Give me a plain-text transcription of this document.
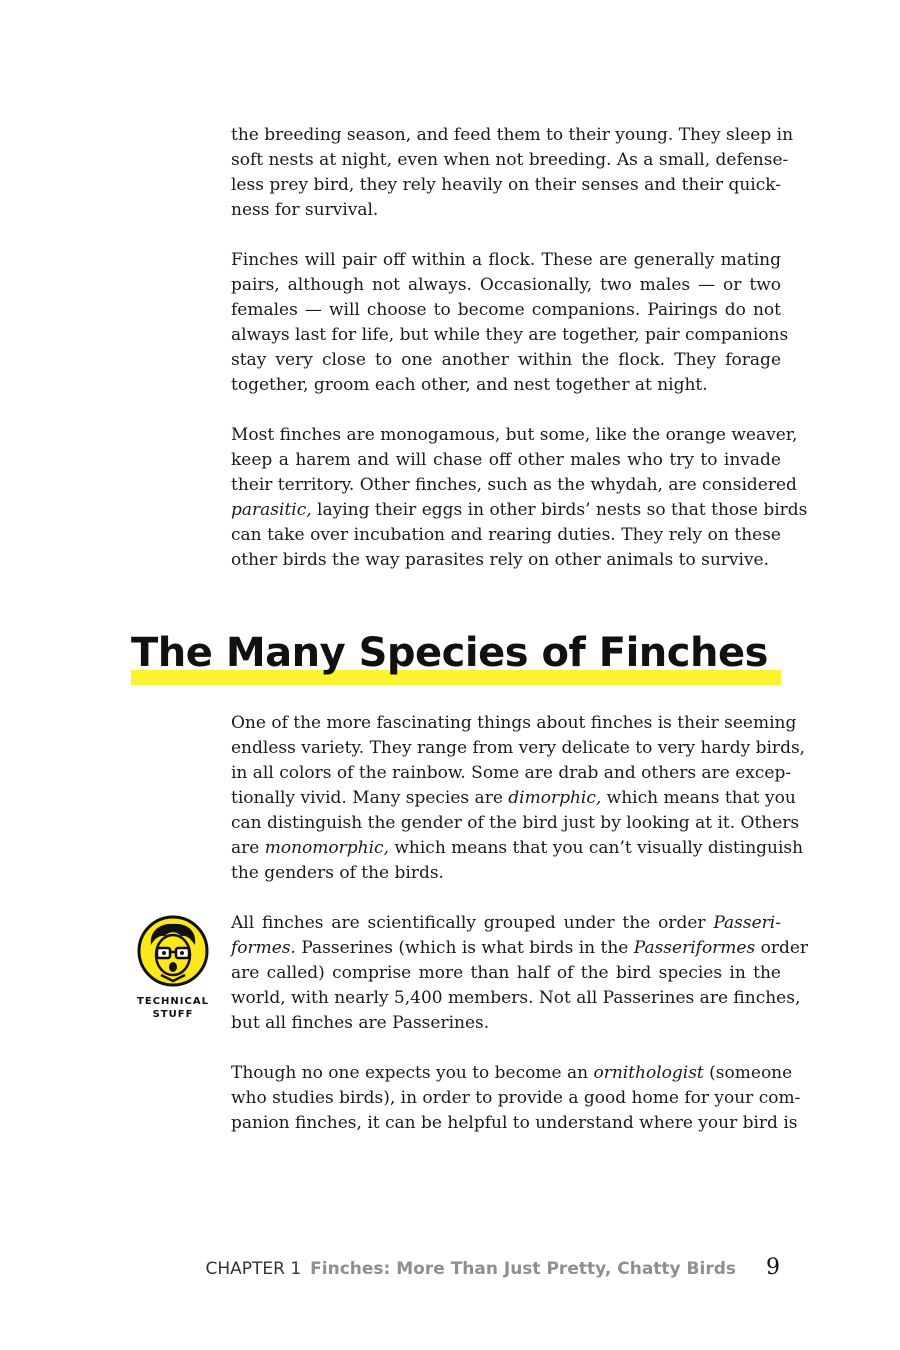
the breeding season, and feed them to their young. They sleep in
soft nests at night, even when not breeding. As a small, defense-
less prey bird, they rely heavily on their senses and their quick-
ness for survival.
Finches will pair off within a flock. These are generally mating
pairs, although not always. Occasionally, two males — or two
females — will choose to become companions. Pairings do not
always last for life, but while they are together, pair companions
stay very close to one another within the flock. They forage
together, groom each other, and nest together at night.
Most finches are monogamous, but some, like the orange weaver,
keep a harem and will chase off other males who try to invade
their territory. Other finches, such as the whydah, are considered
parasitic, laying their eggs in other birds’ nests so that those birds
can take over incubation and rearing duties. They rely on these
other birds the way parasites rely on other animals to survive.
The Many Species of Finches
One of the more fascinating things about finches is their seeming
endless variety. They range from very delicate to very hardy birds,
in all colors of the rainbow. Some are drab and others are excep-
tionally vivid. Many species are dimorphic, which means that you
can distinguish the gender of the bird just by looking at it. Others
are monomorphic, which means that you can’t visually distinguish
the genders of the birds.
TECHNICAL
STUFF
All finches are scientifically grouped under the order Passeri-
formes. Passerines (which is what birds in the Passeriformes order
are called) comprise more than half of the bird species in the
world, with nearly 5,400 members. Not all Passerines are finches,
but all finches are Passerines.
Though no one expects you to become an ornithologist (someone
who studies birds), in order to provide a good home for your com-
panion finches, it can be helpful to understand where your bird is
CHAPTER 1 Finches: More Than Just Pretty, Chatty Birds 9
